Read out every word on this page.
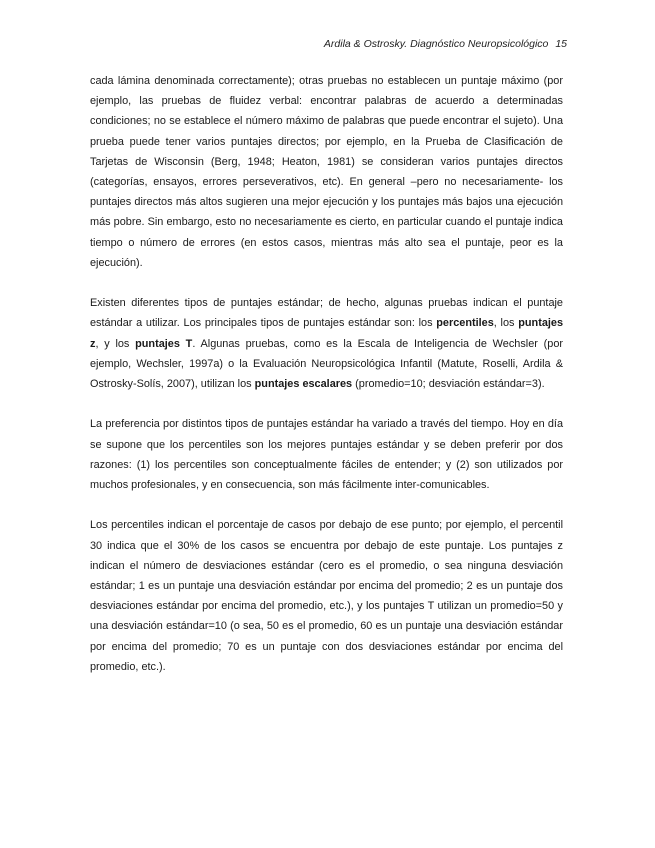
Ardila & Ostrosky. Diagnóstico Neuropsicológico 15

cada lámina denominada correctamente); otras pruebas no establecen un puntaje máximo (por ejemplo, las pruebas de fluidez verbal: encontrar palabras de acuerdo a determinadas condiciones; no se establece el número máximo de palabras que puede encontrar el sujeto). Una prueba puede tener varios puntajes directos; por ejemplo, en la Prueba de Clasificación de Tarjetas de Wisconsin (Berg, 1948; Heaton, 1981) se consideran varios puntajes directos (categorías, ensayos, errores perseverativos, etc). En general –pero no necesariamente- los puntajes directos más altos sugieren una mejor ejecución y los puntajes más bajos una ejecución más pobre. Sin embargo, esto no necesariamente es cierto, en particular cuando el puntaje indica tiempo o número de errores (en estos casos, mientras más alto sea el puntaje, peor es la ejecución).

Existen diferentes tipos de puntajes estándar; de hecho, algunas pruebas indican el puntaje estándar a utilizar. Los principales tipos de puntajes estándar son: los percentiles, los puntajes z, y los puntajes T. Algunas pruebas, como es la Escala de Inteligencia de Wechsler (por ejemplo, Wechsler, 1997a) o la Evaluación Neuropsicológica Infantil (Matute, Roselli, Ardila & Ostrosky-Solís, 2007), utilizan los puntajes escalares (promedio=10; desviación estándar=3).

La preferencia por distintos tipos de puntajes estándar ha variado a través del tiempo. Hoy en día se supone que los percentiles son los mejores puntajes estándar y se deben preferir por dos razones: (1) los percentiles son conceptualmente fáciles de entender; y (2) son utilizados por muchos profesionales, y en consecuencia, son más fácilmente inter-comunicables.

Los percentiles indican el porcentaje de casos por debajo de ese punto; por ejemplo, el percentil 30 indica que el 30% de los casos se encuentra por debajo de este puntaje. Los puntajes z indican el número de desviaciones estándar (cero es el promedio, o sea ninguna desviación estándar; 1 es un puntaje una desviación estándar por encima del promedio; 2 es un puntaje dos desviaciones estándar por encima del promedio, etc.), y los puntajes T utilizan un promedio=50 y una desviación estándar=10 (o sea, 50 es el promedio, 60 es un puntaje una desviación estándar por encima del promedio; 70 es un puntaje con dos desviaciones estándar por encima del promedio, etc.).
